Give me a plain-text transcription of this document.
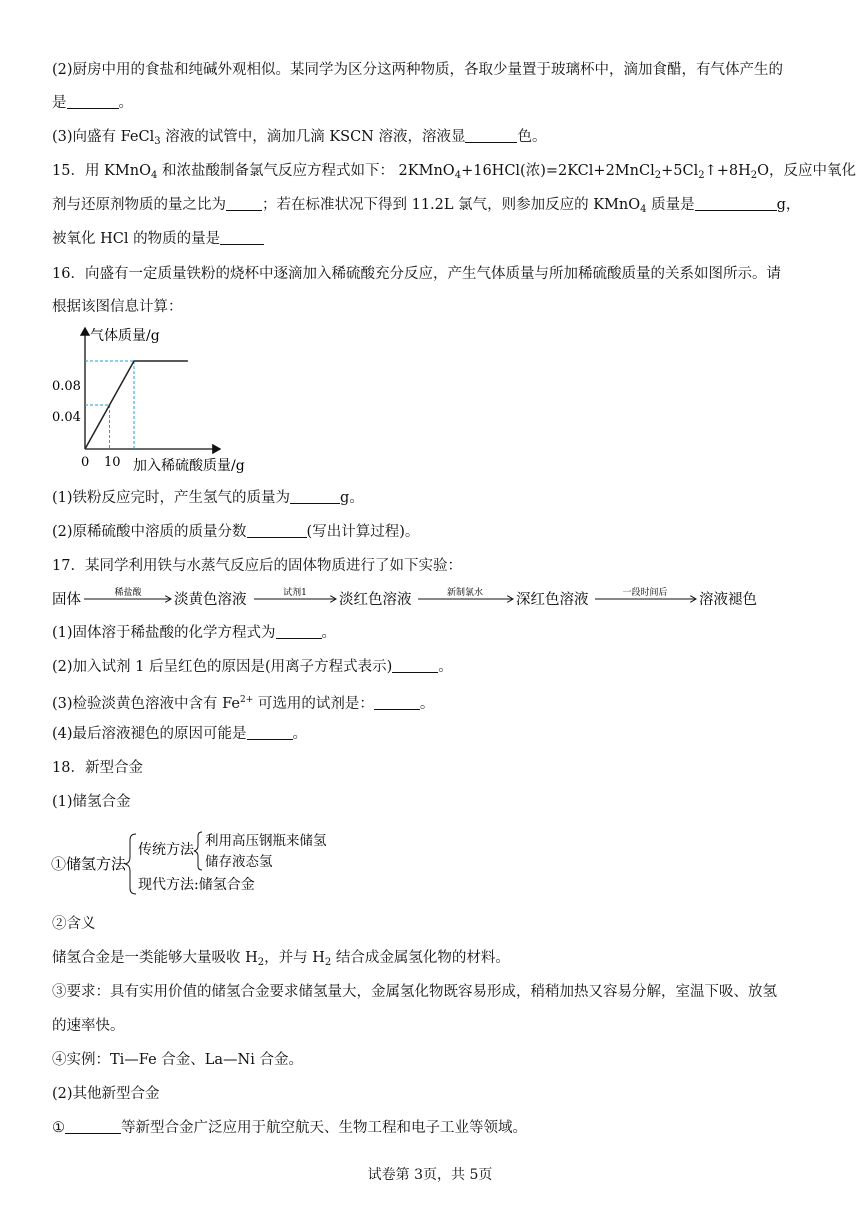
(2)厨房中用的食盐和纯碱外观相似。某同学为区分这两种物质，各取少量置于玻璃杯中，滴加食醋，有气体产生的
是	。
(3)向盛有 FeCl$_3$ 溶液的试管中，滴加几滴 KSCN 溶液，溶液显	色。
15．用 KMnO$_4$ 和浓盐酸制备氯气反应方程式如下： 2KMnO$_4$+16HCl(浓)$=2KCl+2MnCl_2+5Cl_2↑+8H_2O$，反应中氧化
剂与还原剂物质的量之比为 ；若在标准状况下得到 11.2L 氯气，则参加反应的 KMnO$_4$ 质量是	g，
被氧化 HCl 的物质的量是
16．向盛有一定质量铁粉的烧杯中逐滴加入稀硫酸充分反应，产生气体质量与所加稀硫酸质量的关系如图所示。请
根据该图信息计算：
气体质量/g
加入稀硫酸质量/g
0.08
0.04
0 10
(1)铁粉反应完时，产生氢气的质量为	g。
(2)原稀硫酸中溶质的质量分数	(写出计算过程)。
17．某同学利用铁与水蒸气反应后的固体物质进行了如下实验：
固体	稀盐酸 淡黄色溶液	试剂1 淡红色溶液	新制氯水 深红色溶液	一段时间后 溶液褪色
(1)固体溶于稀盐酸的化学方程式为	。
(2)加入试剂 1 后呈红色的原因是(用离子方程式表示)	。
(3)检验淡黄色溶液中含有 $Fe^{2+}$ 可选用的试剂是：	。
(4)最后溶液褪色的原因可能是	。
18．新型合金
(1)储氢合金
①储氢方法
传统方法
利用高压钢瓶来储氢
储存液态氢
现代方法:储氢合金
②含义
储氢合金是一类能够大量吸收 $H_2$，并与 $H_2$ 结合成金属氢化物的材料。
③要求：具有实用价值的储氢合金要求储氢量大，金属氢化物既容易形成，稍稍加热又容易分解，室温下吸、放氢
的速率快。
④实例：Ti—Fe 合金、La—Ni 合金。
(2)其他新型合金
①	等新型合金广泛应用于航空航天、生物工程和电子工业等领域。
试卷第 3页，共 5页
